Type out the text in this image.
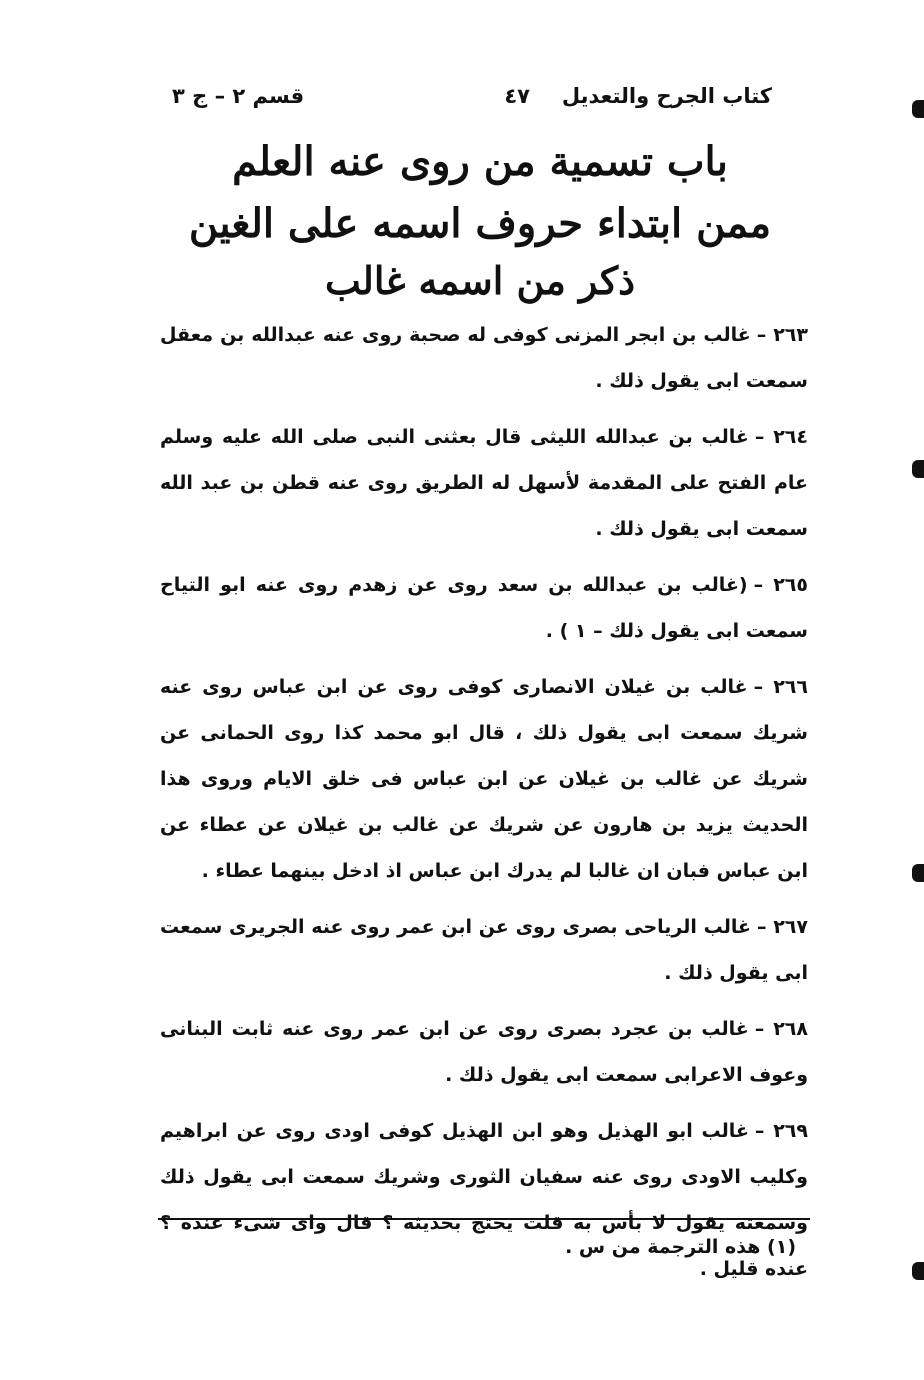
كتاب الجرح والتعديل
٤٧
قسم ٢ – ج ٣
باب تسمية من روى عنه العلم
ممن ابتداء حروف اسمه على الغين
ذكر من اسمه غالب

٢٦٣ –غالب بن ابجر المزنى كوفى له صحبة روى عنه عبدالله بن معقل سمعت ابى يقول ذلك .

٢٦٤ –غالب بن عبدالله الليثى قال بعثنى النبى صلى الله عليه وسلم عام الفتح على المقدمة لأسهل له الطريق روى عنه قطن بن عبد الله سمعت ابى يقول ذلك .

٢٦٥ –(غالب بن عبدالله بن سعد روى عن زهدم روى عنه ابو التياح سمعت ابى يقول ذلك – ١ ) .

٢٦٦ –غالب بن غيلان الانصارى كوفى روى عن ابن عباس روى عنه شريك سمعت ابى يقول ذلك ، قال ابو محمد كذا روى الحمانى عن شريك عن غالب بن غيلان عن ابن عباس فى خلق الايام وروى هذا الحديث يزيد بن هارون عن شريك عن غالب بن غيلان عن عطاء عن ابن عباس فبان ان غالبا لم يدرك ابن عباس اذ ادخل بينهما عطاء .

٢٦٧ –غالب الرياحى بصرى روى عن ابن عمر روى عنه الجريرى سمعت ابى يقول ذلك .

٢٦٨ –غالب بن عجرد بصرى روى عن ابن عمر روى عنه ثابت البنانى وعوف الاعرابى سمعت ابى يقول ذلك .

٢٦٩ –غالب ابو الهذيل وهو ابن الهذيل كوفى اودى روى عن ابراهيم وكليب الاودى روى عنه سفيان الثورى وشريك سمعت ابى يقول ذلك وسمعته يقول لا بأس به قلت يحتج بحديثه ؟ قال واى شىء عنده ؟ عنده قليل .

(١) هذه الترجمة من س .
